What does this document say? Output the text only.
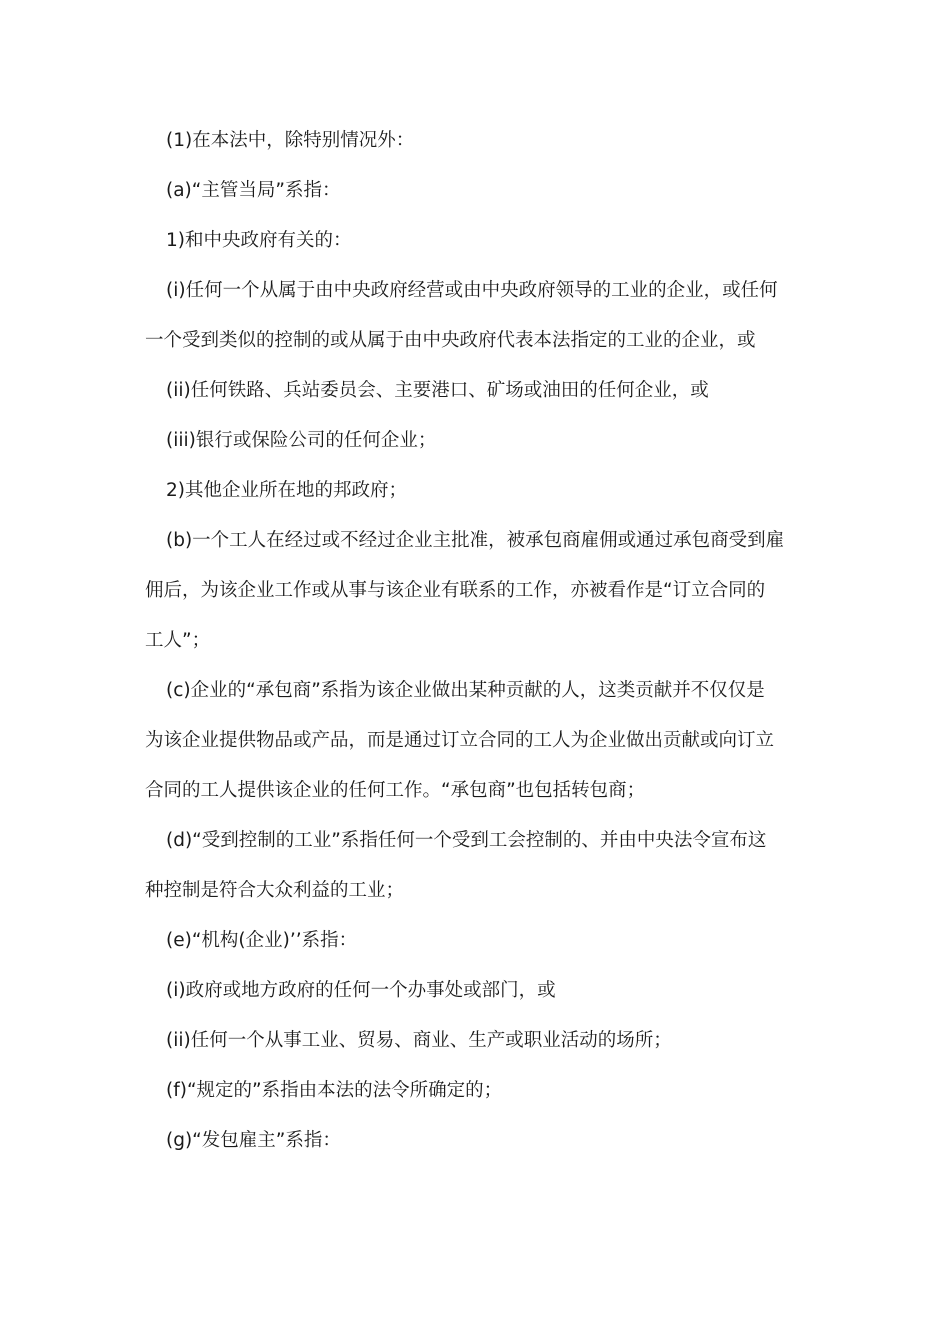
(1)在本法中，除特别情况外：
(a)“主管当局”系指：
1)和中央政府有关的：
(i)任何一个从属于由中央政府经营或由中央政府领导的工业的企业，或任何
一个受到类似的控制的或从属于由中央政府代表本法指定的工业的企业，或
(ii)任何铁路、兵站委员会、主要港口、矿场或油田的任何企业，或
(iii)银行或保险公司的任何企业；
2)其他企业所在地的邦政府；
(b)一个工人在经过或不经过企业主批准，被承包商雇佣或通过承包商受到雇
佣后，为该企业工作或从事与该企业有联系的工作，亦被看作是“订立合同的
工人”；
(c)企业的“承包商”系指为该企业做出某种贡献的人，这类贡献并不仅仅是
为该企业提供物品或产品，而是通过订立合同的工人为企业做出贡献或向订立
合同的工人提供该企业的任何工作。“承包商”也包括转包商；
(d)“受到控制的工业”系指任何一个受到工会控制的、并由中央法令宣布这
种控制是符合大众利益的工业；
(e)“机构(企业)’’系指：
(i)政府或地方政府的任何一个办事处或部门，或
(ii)任何一个从事工业、贸易、商业、生产或职业活动的场所；
(f)“规定的”系指由本法的法令所确定的；
(g)“发包雇主”系指：
